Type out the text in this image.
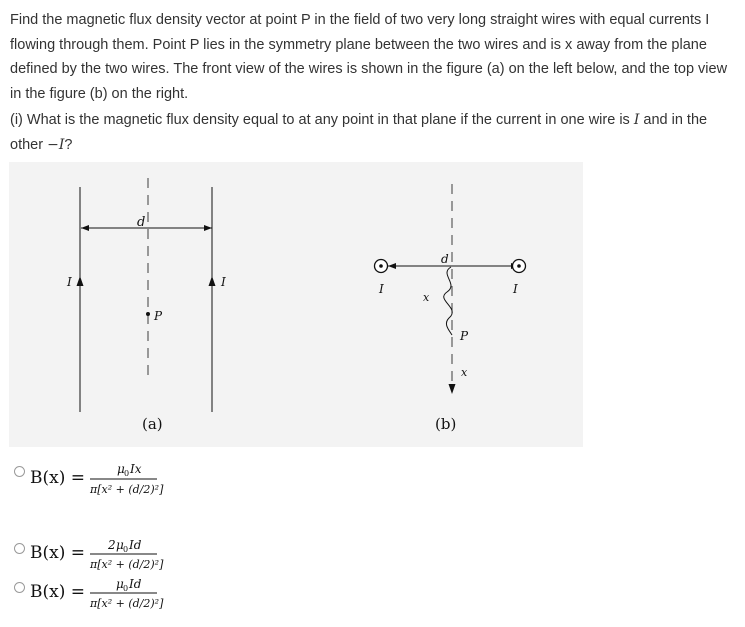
Find the magnetic flux density vector at point P in the field of two very long straight wires with equal currents I flowing through them. Point P lies in the symmetry plane between the two wires and is x away from the plane defined by the two wires. The front view of the wires is shown in the figure (a) on the left below, and the top view in the figure (b) on the right.

(i) What is the magnetic flux density equal to at any point in that plane if the current in one wire is I and in the other −I?

d
I	I
P
(a)
d
I	I
x
P
x
(b)
B(x) =	μ 0 Ix
π[x² + (d/2)²]
B(x) = 2 μ 0 Id
π[x² + (d/2)²]
B(x) =	μ 0 Id
π[x² + (d/2)²]
